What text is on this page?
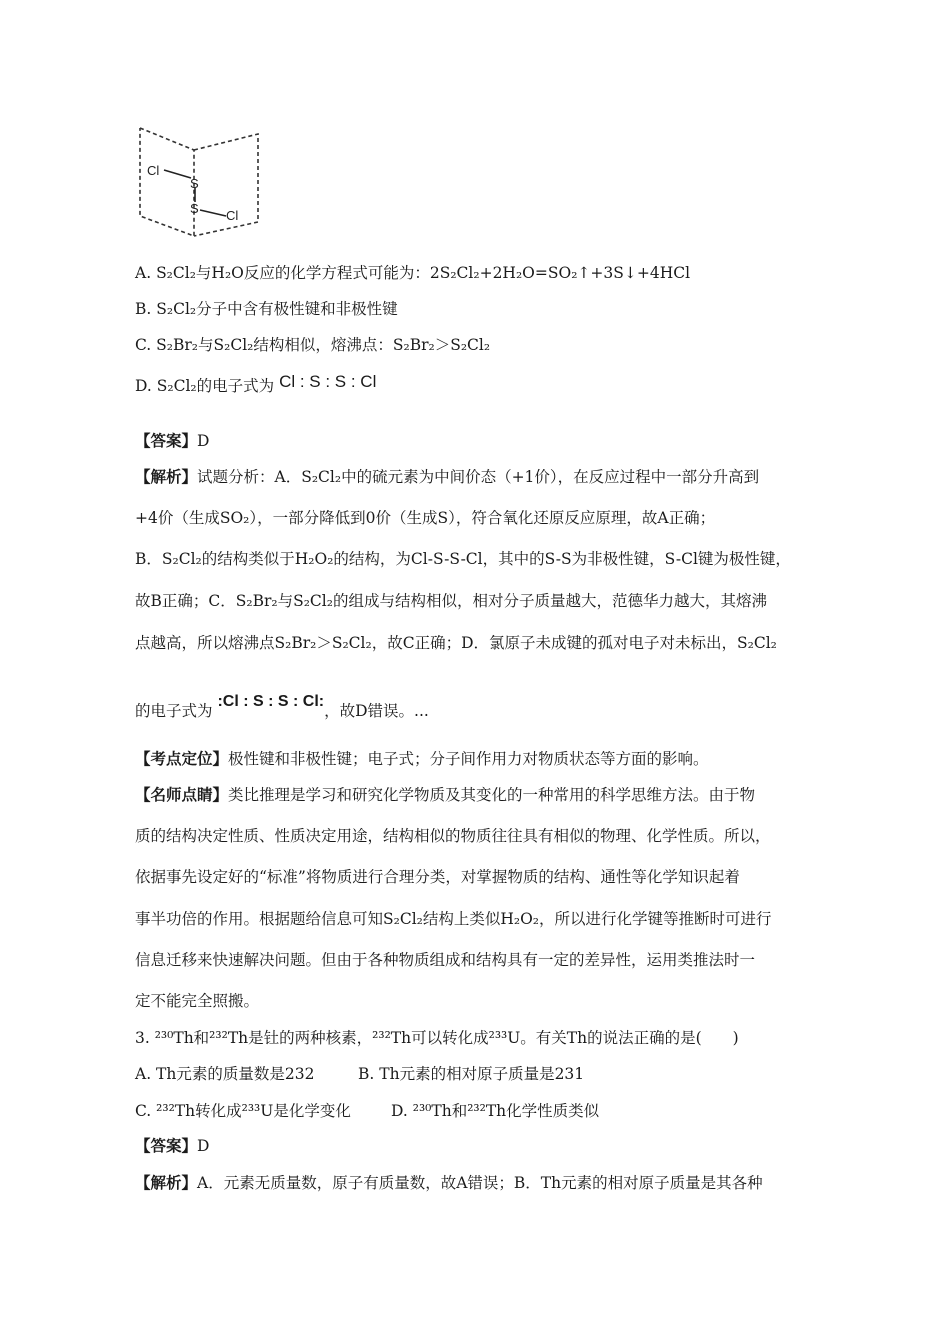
Cl
S
S Cl
A. S₂Cl₂与H₂O反应的化学方程式可能为：2S₂Cl₂+2H₂O=SO₂↑+3S↓+4HCl
B. S₂Cl₂分子中含有极性键和非极性键
C. S₂Br₂与S₂Cl₂结构相似，熔沸点：S₂Br₂＞S₂Cl₂
D. S₂Cl₂的电子式为 Cl : S : S : Cl
【答案】D
【解析】试题分析：A．S₂Cl₂中的硫元素为中间价态（+1价），在反应过程中一部分升高到
+4价（生成SO₂），一部分降低到0价（生成S），符合氧化还原反应原理，故A正确；
B．S₂Cl₂的结构类似于H₂O₂的结构，为Cl-S-S-Cl，其中的S-S为非极性键，S-Cl键为极性键，
故B正确；C．S₂Br₂与S₂Cl₂的组成与结构相似，相对分子质量越大，范德华力越大，其熔沸
点越高，所以熔沸点S₂Br₂＞S₂Cl₂，故C正确；D．氯原子未成键的孤对电子对未标出，S₂Cl₂
的电子式为 :Cl : S : S : Cl:，故D错误。...
【考点定位】极性键和非极性键；电子式；分子间作用力对物质状态等方面的影响。
【名师点睛】类比推理是学习和研究化学物质及其变化的一种常用的科学思维方法。由于物
质的结构决定性质、性质决定用途，结构相似的物质往往具有相似的物理、化学性质。所以，
依据事先设定好的“标准”将物质进行合理分类，对掌握物质的结构、通性等化学知识起着
事半功倍的作用。根据题给信息可知S₂Cl₂结构上类似H₂O₂，所以进行化学键等推断时可进行
信息迁移来快速解决问题。但由于各种物质组成和结构具有一定的差异性，运用类推法时一
定不能完全照搬。
3. ²³⁰Th和²³²Th是钍的两种核素，²³²Th可以转化成²³³U。有关Th的说法正确的是(　　)
A. Th元素的质量数是232	B. Th元素的相对原子质量是231
C. ²³²Th转化成²³³U是化学变化	D. ²³⁰Th和²³²Th化学性质类似
【答案】D
【解析】A．元素无质量数，原子有质量数，故A错误；B．Th元素的相对原子质量是其各种
